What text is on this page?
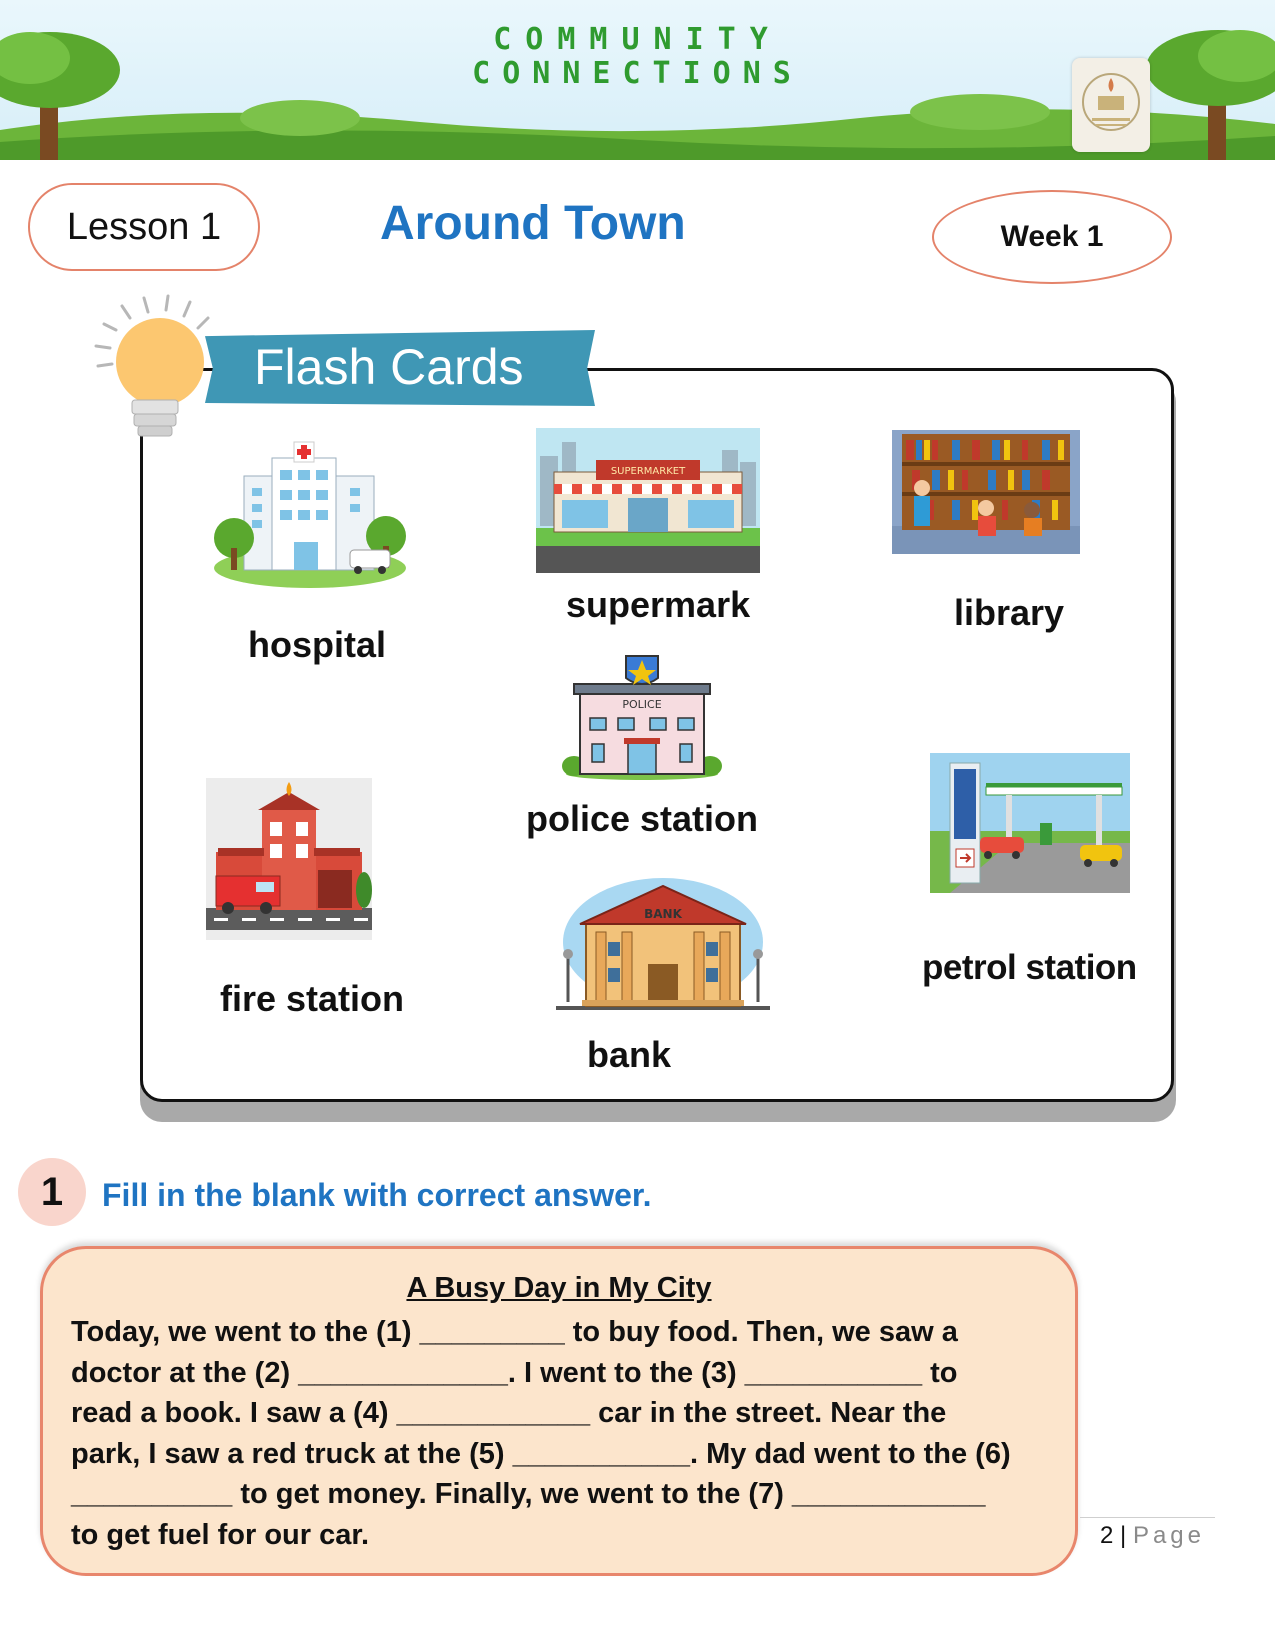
COMMUNITY
CONNECTIONS
Lesson 1	Around Town	Week 1
Flash Cards
hospital
SUPERMARKET
supermark	library
POLICE
police station
fire station
BANK
bank
petrol station
1	Fill in the blank with correct answer.
A Busy Day in My City
Today, we went to the (1) _________ to buy food. Then, we saw a
doctor at the (2) _____________. I went to the (3) ___________ to
read a book. I saw a (4) ____________ car in the street. Near the
park, I saw a red truck at the (5) ___________. My dad went to the (6)
__________ to get money. Finally, we went to the (7) ____________
to get fuel for our car.	2 | Page
